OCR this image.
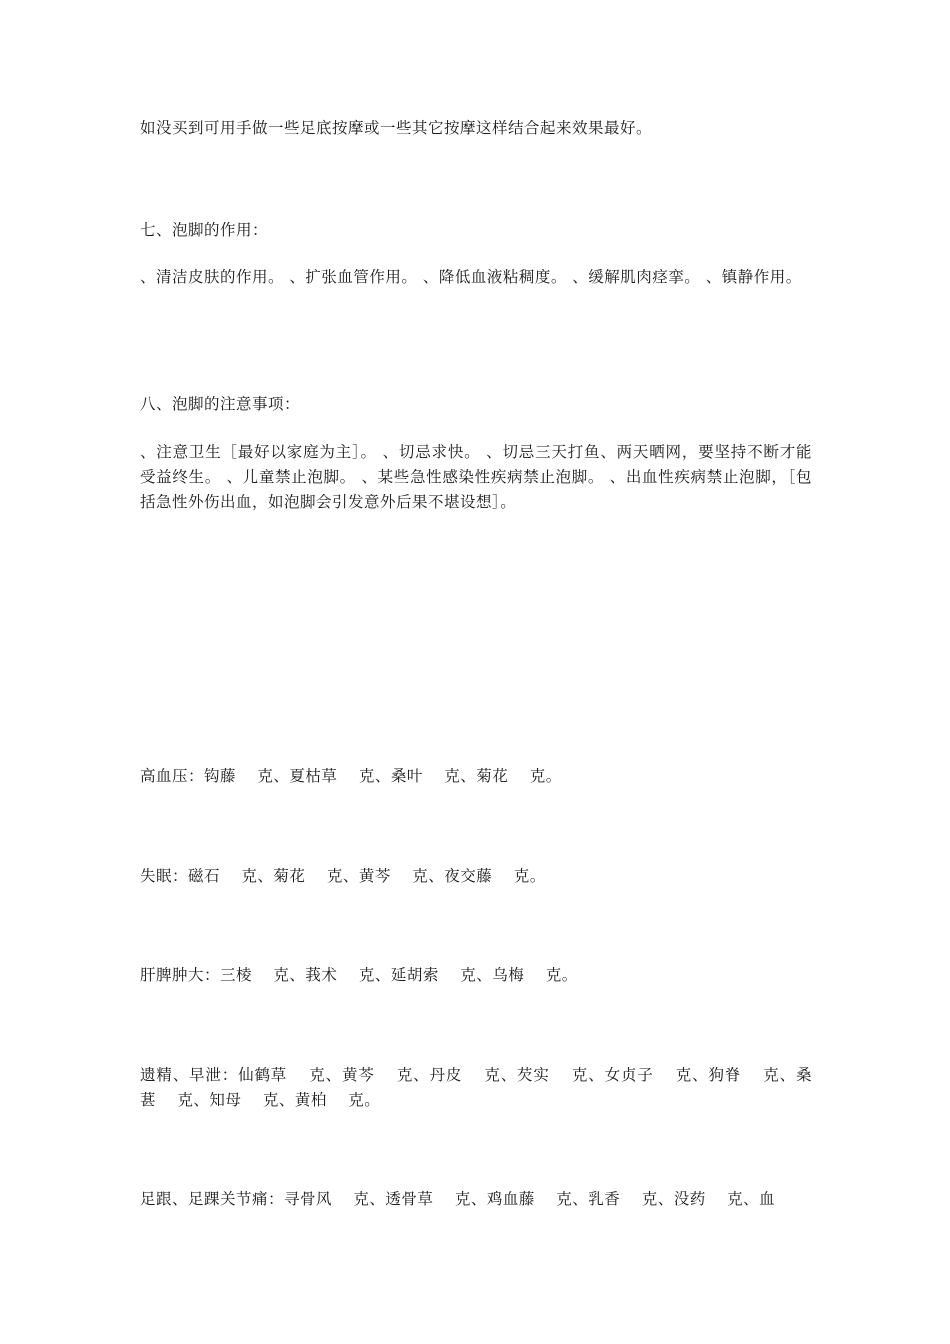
如没买到可用手做一些足底按摩或一些其它按摩这样结合起来效果最好。

七、泡脚的作用：

、清洁皮肤的作用。 、扩张血管作用。 、降低血液粘稠度。 、缓解肌肉痉挛。 、镇静作用。

八、泡脚的注意事项：

、注意卫生［最好以家庭为主］。 、切忌求快。 、切忌三天打鱼、两天晒网，要坚持不断才能受益终生。 、儿童禁止泡脚。 、某些急性感染性疾病禁止泡脚。 、出血性疾病禁止泡脚，［包括急性外伤出血，如泡脚会引发意外后果不堪设想］。

高血压：钩藤　 克、夏枯草　 克、桑叶　 克、菊花　 克。

失眠：磁石　 克、菊花　 克、黄芩　 克、夜交藤　 克。

肝脾肿大：三棱　 克、莪术　 克、延胡索　 克、乌梅　 克。

遗精、早泄：仙鹤草　 克、黄芩　 克、丹皮　 克、芡实　 克、女贞子　 克、狗脊　 克、桑葚　 克、知母　 克、黄柏　 克。

足跟、足踝关节痛：寻骨风　 克、透骨草　 克、鸡血藤　 克、乳香　 克、没药　 克、血
